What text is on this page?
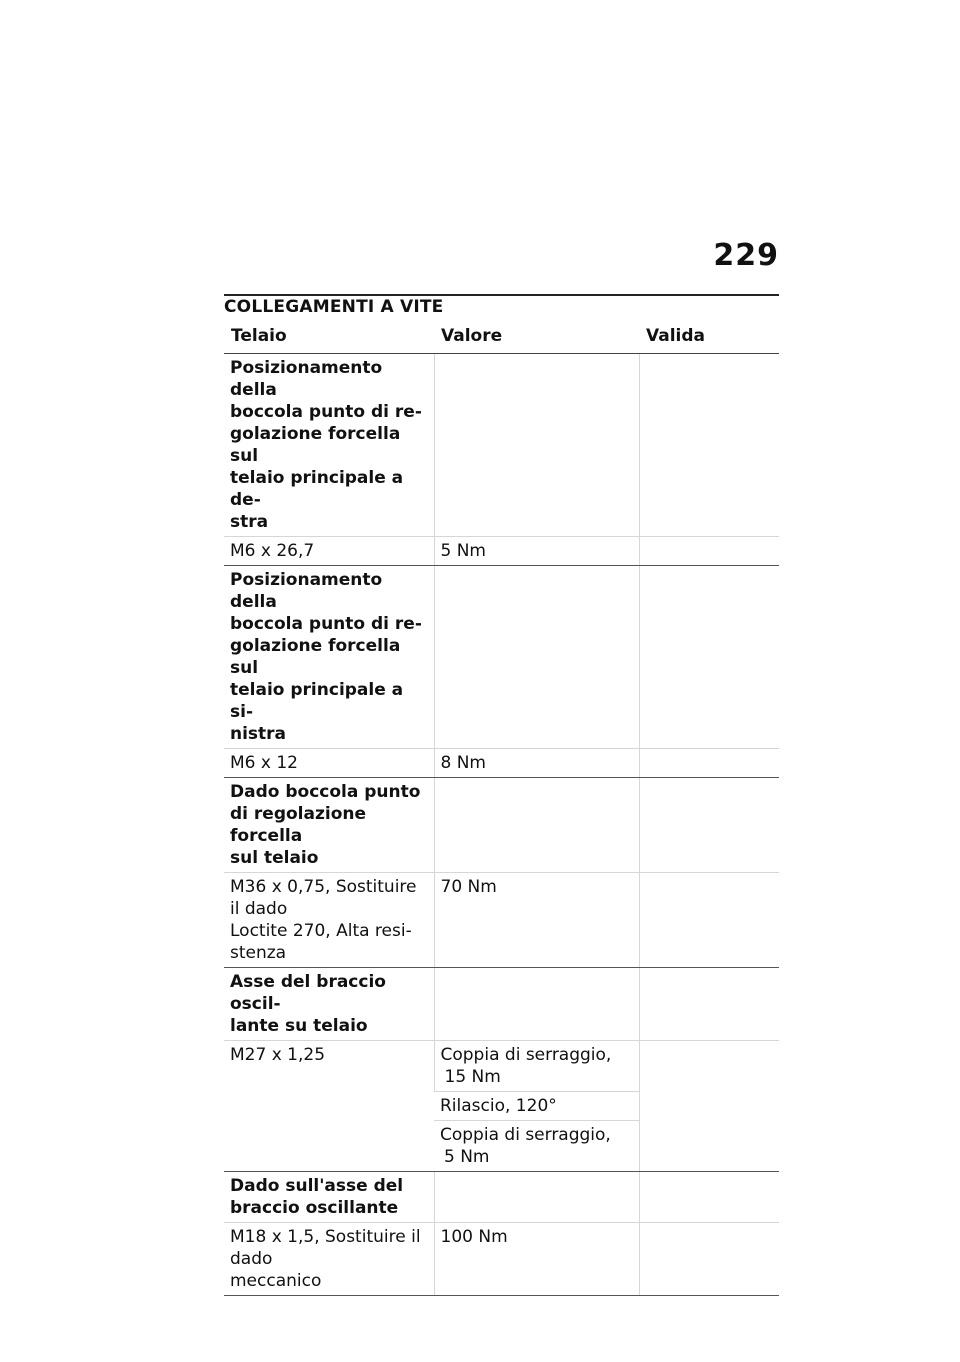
229
COLLEGAMENTI A VITE
Telaio	Valore	Valida

Posizionamento della
boccola punto di re-
golazione forcella sul
telaio principale a de-
stra		

M6 x 26,7	5 Nm	

Posizionamento della
boccola punto di re-
golazione forcella sul
telaio principale a si-
nistra		

M6 x 12	8 Nm	

Dado boccola punto
di regolazione forcella
sul telaio		

M36 x 0,75, Sostituire
il dado
Loctite 270, Alta resi-
stenza	70 Nm	

Asse del braccio oscil-
lante su telaio		

M27 x 1,25	Coppia di serraggio,
15 Nm	

	Rilascio, 120°	

	Coppia di serraggio,
5 Nm	

Dado sull'asse del
braccio oscillante		

M18 x 1,5, Sostituire il
dado
meccanico	100 Nm	
